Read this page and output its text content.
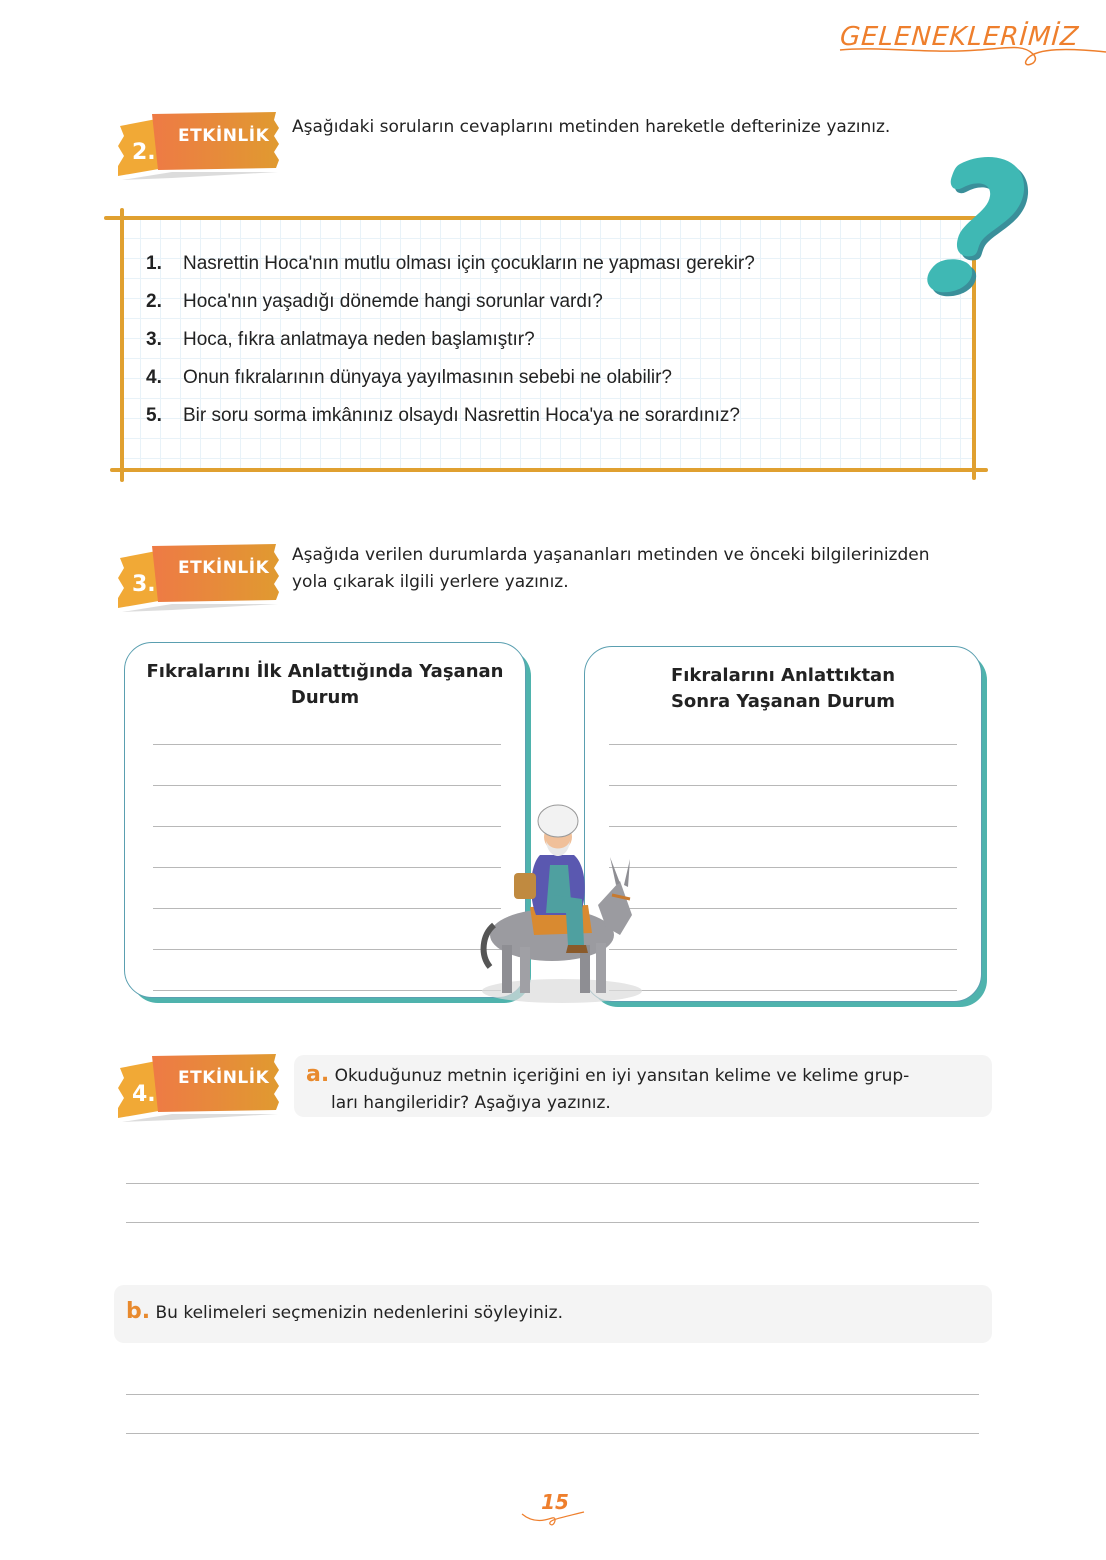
GELENEKLERİMİZ
2.
ETKİNLİK Aşağıdaki soruların cevaplarını metinden hareketle defterinize yazınız.
1.	Nasrettin Hoca'nın mutlu olması için çocukların ne yapması gerekir?
2.	Hoca'nın yaşadığı dönemde hangi sorunlar vardı?
3.	Hoca, fıkra anlatmaya neden başlamıştır?
4.	Onun fıkralarının dünyaya yayılmasının sebebi ne olabilir?
5.	Bir soru sorma imkânınız olsaydı Nasrettin Hoca'ya ne sorardınız?
3.
ETKİNLİK
Aşağıda verilen durumlarda yaşananları metinden ve önceki bilgilerinizden
yola çıkarak ilgili yerlere yazınız.
Fıkralarını İlk Anlattığında Yaşanan
Durum
Fıkralarını Anlattıktan
Sonra Yaşanan Durum
4.
ETKİNLİK a. Okuduğunuz metnin içeriğini en iyi yansıtan kelime ve kelime grup-
ları hangileridir? Aşağıya yazınız.
b. Bu kelimeleri seçmenizin nedenlerini söyleyiniz.
15
